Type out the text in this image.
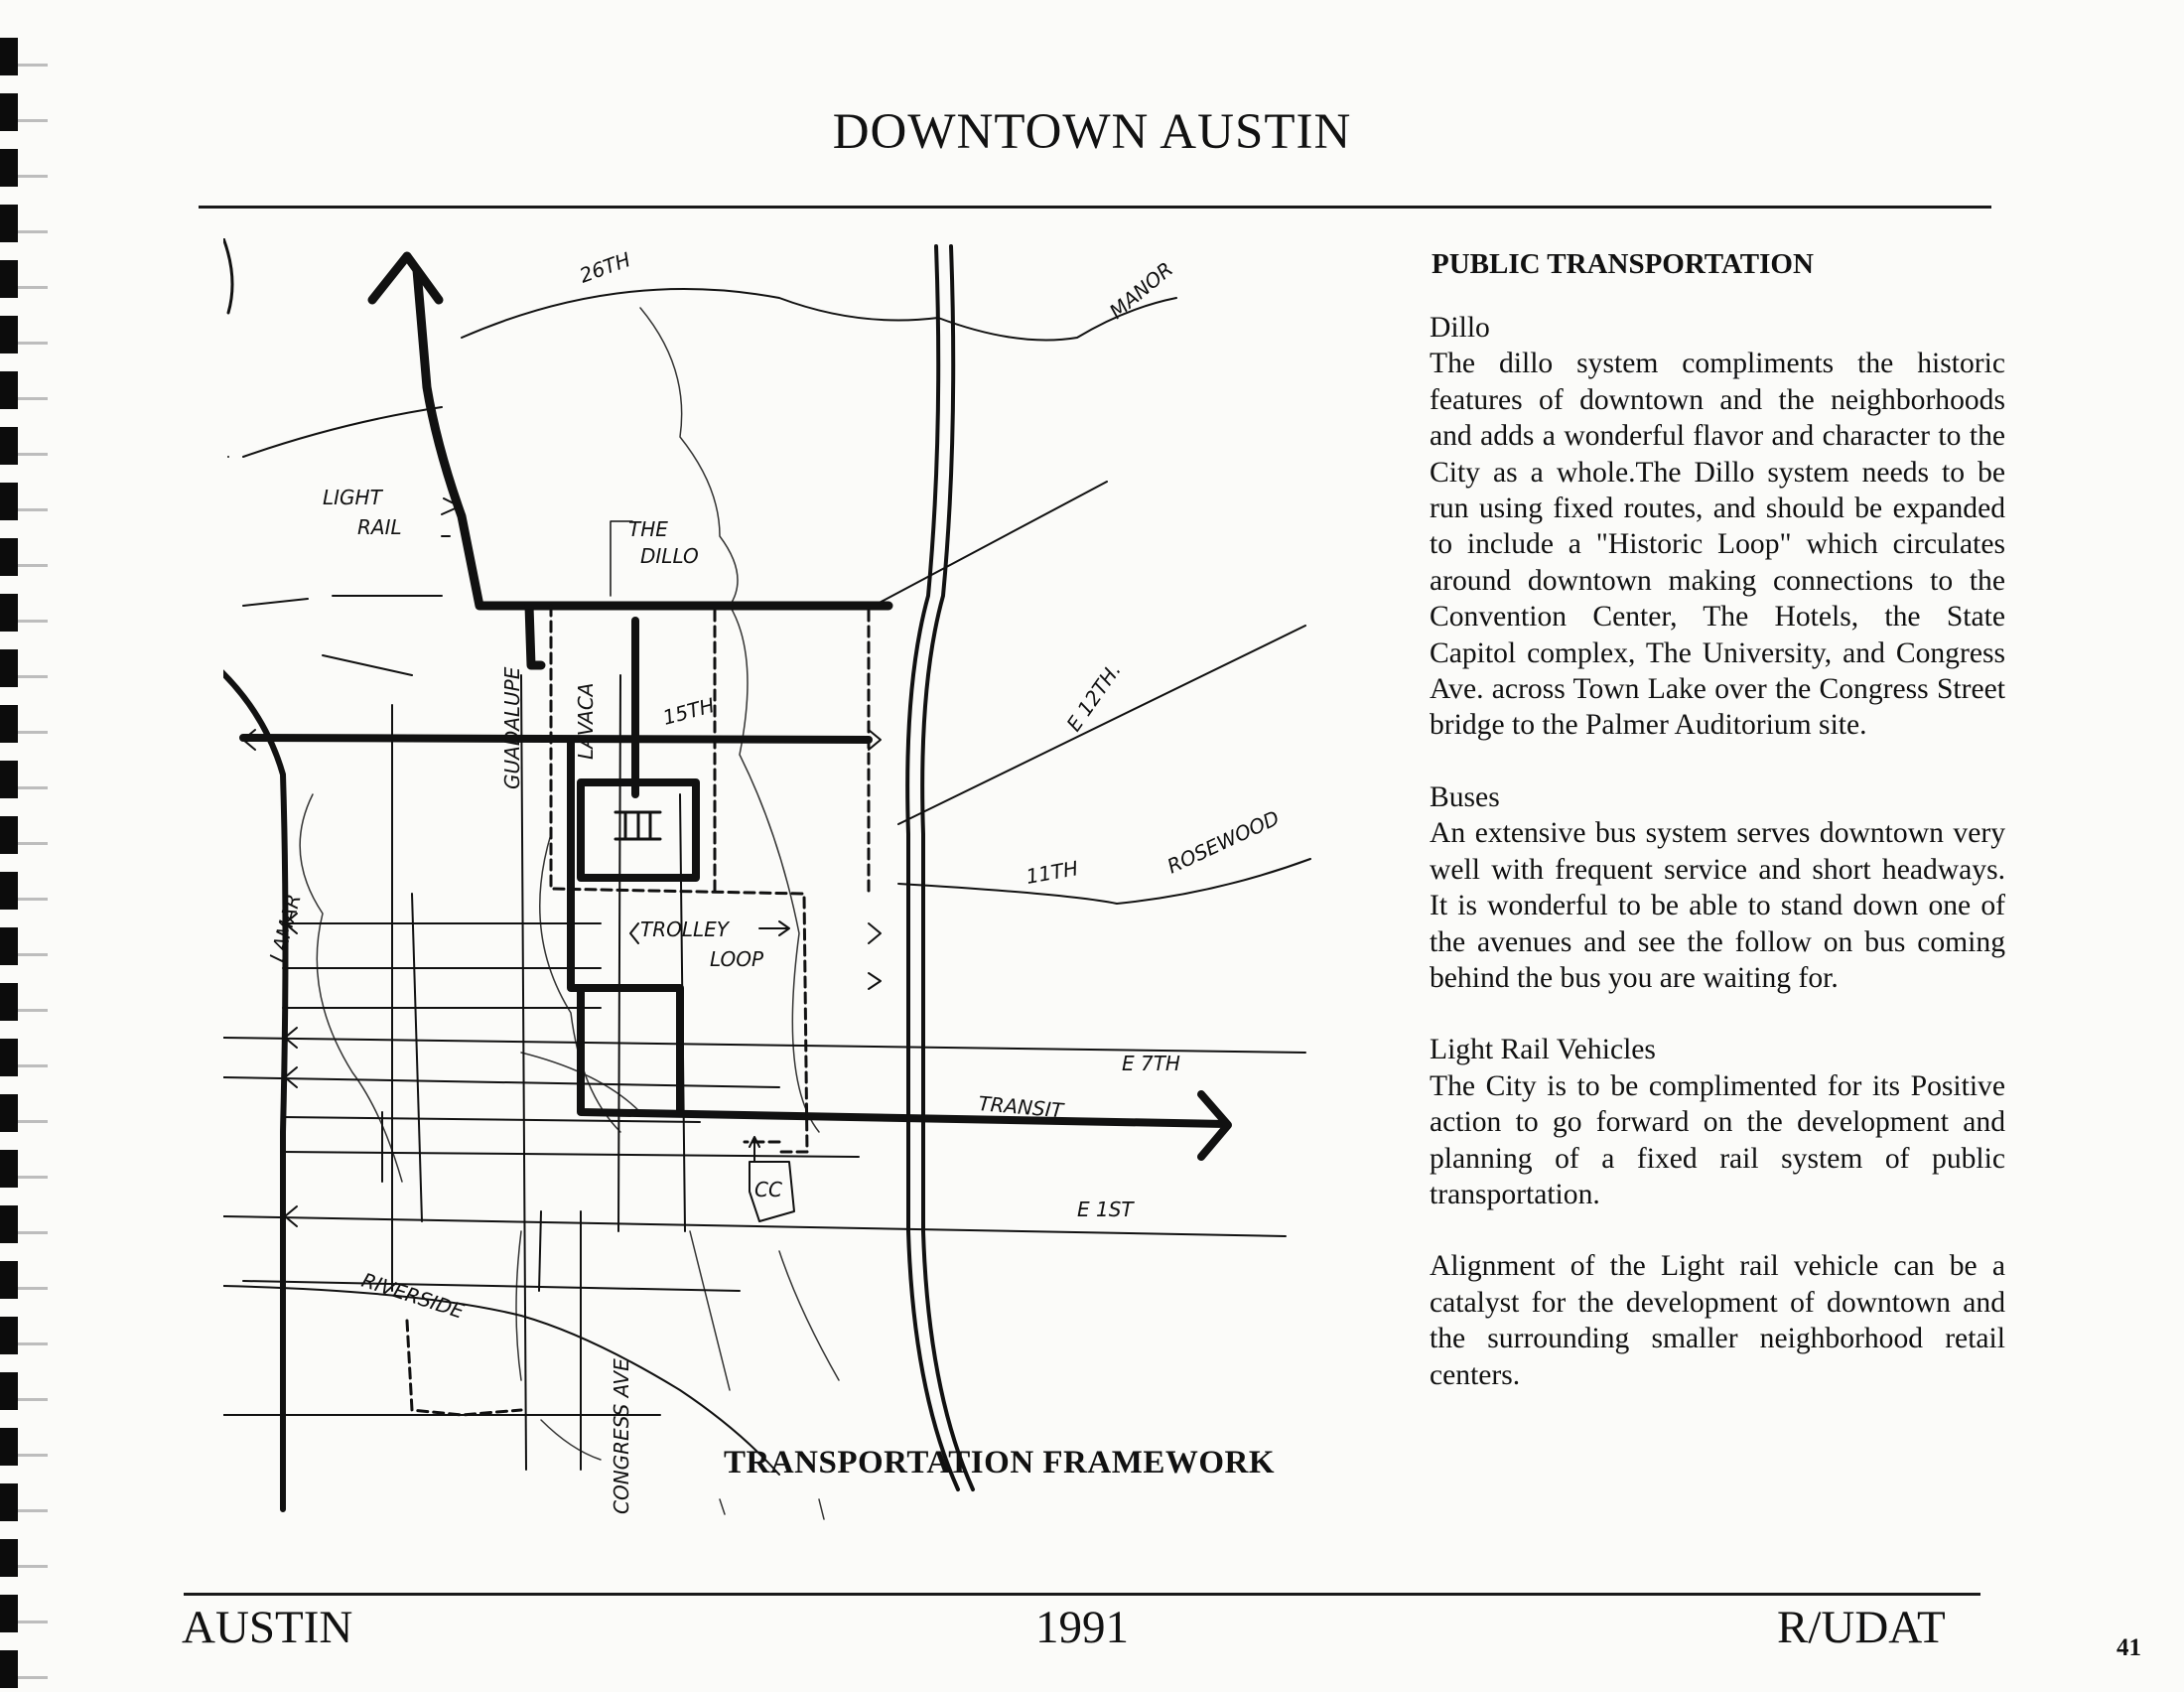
DOWNTOWN AUSTIN
LIGHT
RAIL	THE
DILLO
26TH	MANOR
GUADALUPE	LAVACA	15TH	E 12TH.
11TH	ROSEWOOD
TROLLEY
LOOP
LAMAR
E 7TH
TRANSIT
E 1ST
RIVERSIDE
CONGRESS AVE
CC
TRANSPORTATION FRAMEWORK
PUBLIC TRANSPORTATION
Dillo
The dillo system compliments the historic features of downtown and the neighborhoods and adds a wonderful flavor and character to the City as a whole.The Dillo system needs to be run using fixed routes, and should be expanded to include a "Historic Loop" which circulates around downtown making connections to the Convention Center, The Hotels, the State Capitol complex, The University, and Congress Ave. across Town Lake over the Congress Street bridge to the Palmer Auditorium site.
Buses
An extensive bus system serves downtown very well with frequent service and short headways. It is wonderful to be able to stand down one of the avenues and see the follow on bus coming behind the bus you are waiting for.
Light Rail Vehicles
The City is to be complimented for its Positive action to go forward on the development and planning of a fixed rail system of public transportation.
Alignment of the Light rail vehicle can be a catalyst for the development of downtown and the surrounding smaller neighborhood retail centers.
AUSTIN	1991	R/UDAT	41
